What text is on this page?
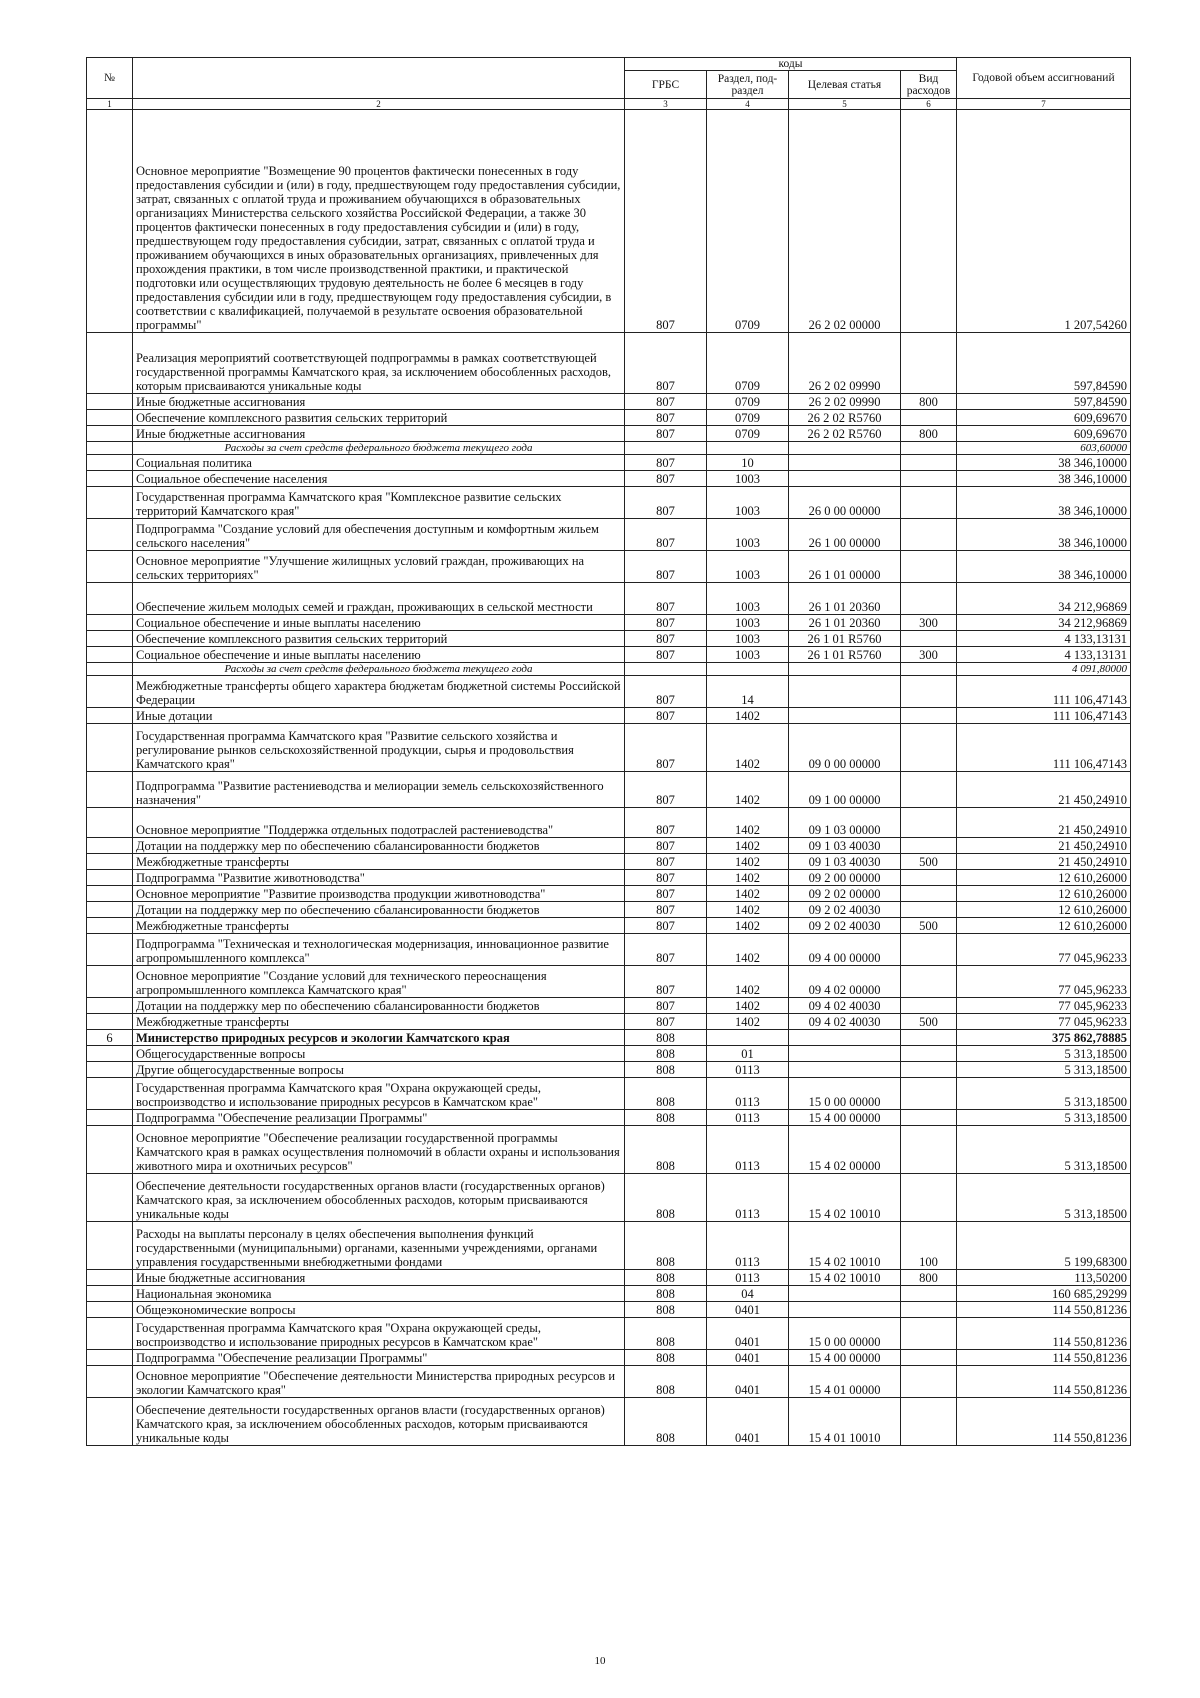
№		коды				Годовой объем ассигнований
		ГРБС	Раздел, под-раздел	Целевая статья	Вид расходов	
1	2	3	4	5	6	7
	Основное мероприятие "Возмещение 90 процентов фактически понесенных в году предоставления субсидии и (или) в году, предшествующем году предоставления субсидии, затрат, связанных с оплатой труда и проживанием обучающихся в образовательных организациях Министерства сельского хозяйства Российской Федерации, а также 30 процентов фактически понесенных в году предоставления субсидии и (или) в году, предшествующем году предоставления субсидии, затрат, связанных с оплатой труда и проживанием обучающихся в иных образовательных организациях, привлеченных для прохождения практики, в том числе производственной практики, и практической подготовки или осуществляющих трудовую деятельность не более 6 месяцев в году предоставления субсидии или в году, предшествующем году предоставления субсидии, в соответствии с квалификацией, получаемой в результате освоения образовательной программы"	807	0709	26 2 02 00000		1 207,54260
	Реализация мероприятий соответствующей подпрограммы в рамках соответствующей государственной программы Камчатского края, за исключением обособленных расходов, которым присваиваются уникальные коды	807	0709	26 2 02 09990		597,84590
	Иные бюджетные ассигнования	807	0709	26 2 02 09990	800	597,84590
	Обеспечение комплексного развития сельских территорий	807	0709	26 2 02 R5760		609,69670
	Иные бюджетные ассигнования	807	0709	26 2 02 R5760	800	609,69670
	Расходы за счет средств федерального бюджета текущего года					603,60000
	Социальная политика	807	10			38 346,10000
	Социальное обеспечение населения	807	1003			38 346,10000
	Государственная программа Камчатского края "Комплексное развитие сельских территорий Камчатского края"	807	1003	26 0 00 00000		38 346,10000
	Подпрограмма "Создание условий для обеспечения доступным и комфортным жильем сельского населения"	807	1003	26 1 00 00000		38 346,10000
	Основное мероприятие "Улучшение жилищных условий граждан, проживающих на сельских территориях"	807	1003	26 1 01 00000		38 346,10000
	Обеспечение жильем молодых семей и граждан, проживающих в сельской местности	807	1003	26 1 01 20360		34 212,96869
	Социальное обеспечение и иные выплаты населению	807	1003	26 1 01 20360	300	34 212,96869
	Обеспечение комплексного развития сельских территорий	807	1003	26 1 01 R5760		4 133,13131
	Социальное обеспечение и иные выплаты населению	807	1003	26 1 01 R5760	300	4 133,13131
	Расходы за счет средств федерального бюджета текущего года					4 091,80000
	Межбюджетные трансферты общего характера бюджетам бюджетной системы Российской Федерации	807	14			111 106,47143
	Иные дотации	807	1402			111 106,47143
	Государственная программа Камчатского края "Развитие сельского хозяйства и регулирование рынков сельскохозяйственной продукции, сырья и продовольствия Камчатского края"	807	1402	09 0 00 00000		111 106,47143
	Подпрограмма "Развитие растениеводства и мелиорации земель сельскохозяйственного назначения"	807	1402	09 1 00 00000		21 450,24910
	Основное мероприятие "Поддержка отдельных подотраслей растениеводства"	807	1402	09 1 03 00000		21 450,24910
	Дотации на поддержку мер по обеспечению сбалансированности бюджетов	807	1402	09 1 03 40030		21 450,24910
	Межбюджетные трансферты	807	1402	09 1 03 40030	500	21 450,24910
	Подпрограмма "Развитие животноводства"	807	1402	09 2 00 00000		12 610,26000
	Основное мероприятие "Развитие производства продукции животноводства"	807	1402	09 2 02 00000		12 610,26000
	Дотации на поддержку мер по обеспечению сбалансированности бюджетов	807	1402	09 2 02 40030		12 610,26000
	Межбюджетные трансферты	807	1402	09 2 02 40030	500	12 610,26000
	Подпрограмма "Техническая и технологическая модернизация, инновационное развитие агропромышленного комплекса"	807	1402	09 4 00 00000		77 045,96233
	Основное мероприятие "Создание условий для технического переоснащения агропромышленного комплекса Камчатского края"	807	1402	09 4 02 00000		77 045,96233
	Дотации на поддержку мер по обеспечению сбалансированности бюджетов	807	1402	09 4 02 40030		77 045,96233
	Межбюджетные трансферты	807	1402	09 4 02 40030	500	77 045,96233
6	Министерство природных ресурсов и экологии Камчатского края	808				375 862,78885
	Общегосударственные вопросы	808	01			5 313,18500
	Другие общегосударственные вопросы	808	0113			5 313,18500
	Государственная программа Камчатского края "Охрана окружающей среды, воспроизводство и использование природных ресурсов в Камчатском крае"	808	0113	15 0 00 00000		5 313,18500
	Подпрограмма "Обеспечение реализации Программы"	808	0113	15 4 00 00000		5 313,18500
	Основное мероприятие "Обеспечение реализации государственной программы Камчатского края в рамках осуществления полномочий в области охраны и использования животного мира и охотничьих ресурсов"	808	0113	15 4 02 00000		5 313,18500
	Обеспечение деятельности государственных органов власти (государственных органов) Камчатского края, за исключением обособленных расходов, которым присваиваются уникальные коды	808	0113	15 4 02 10010		5 313,18500
	Расходы на выплаты персоналу в целях обеспечения выполнения функций государственными (муниципальными) органами, казенными учреждениями, органами управления государственными внебюджетными фондами	808	0113	15 4 02 10010	100	5 199,68300
	Иные бюджетные ассигнования	808	0113	15 4 02 10010	800	113,50200
	Национальная экономика	808	04			160 685,29299
	Общеэкономические вопросы	808	0401			114 550,81236
	Государственная программа Камчатского края "Охрана окружающей среды, воспроизводство и использование природных ресурсов в Камчатском крае"	808	0401	15 0 00 00000		114 550,81236
	Подпрограмма "Обеспечение реализации Программы"	808	0401	15 4 00 00000		114 550,81236
	Основное мероприятие "Обеспечение деятельности Министерства природных ресурсов и экологии Камчатского края"	808	0401	15 4 01 00000		114 550,81236
	Обеспечение деятельности государственных органов власти (государственных органов) Камчатского края, за исключением обособленных расходов, которым присваиваются уникальные коды	808	0401	15 4 01 10010		114 550,81236
10
